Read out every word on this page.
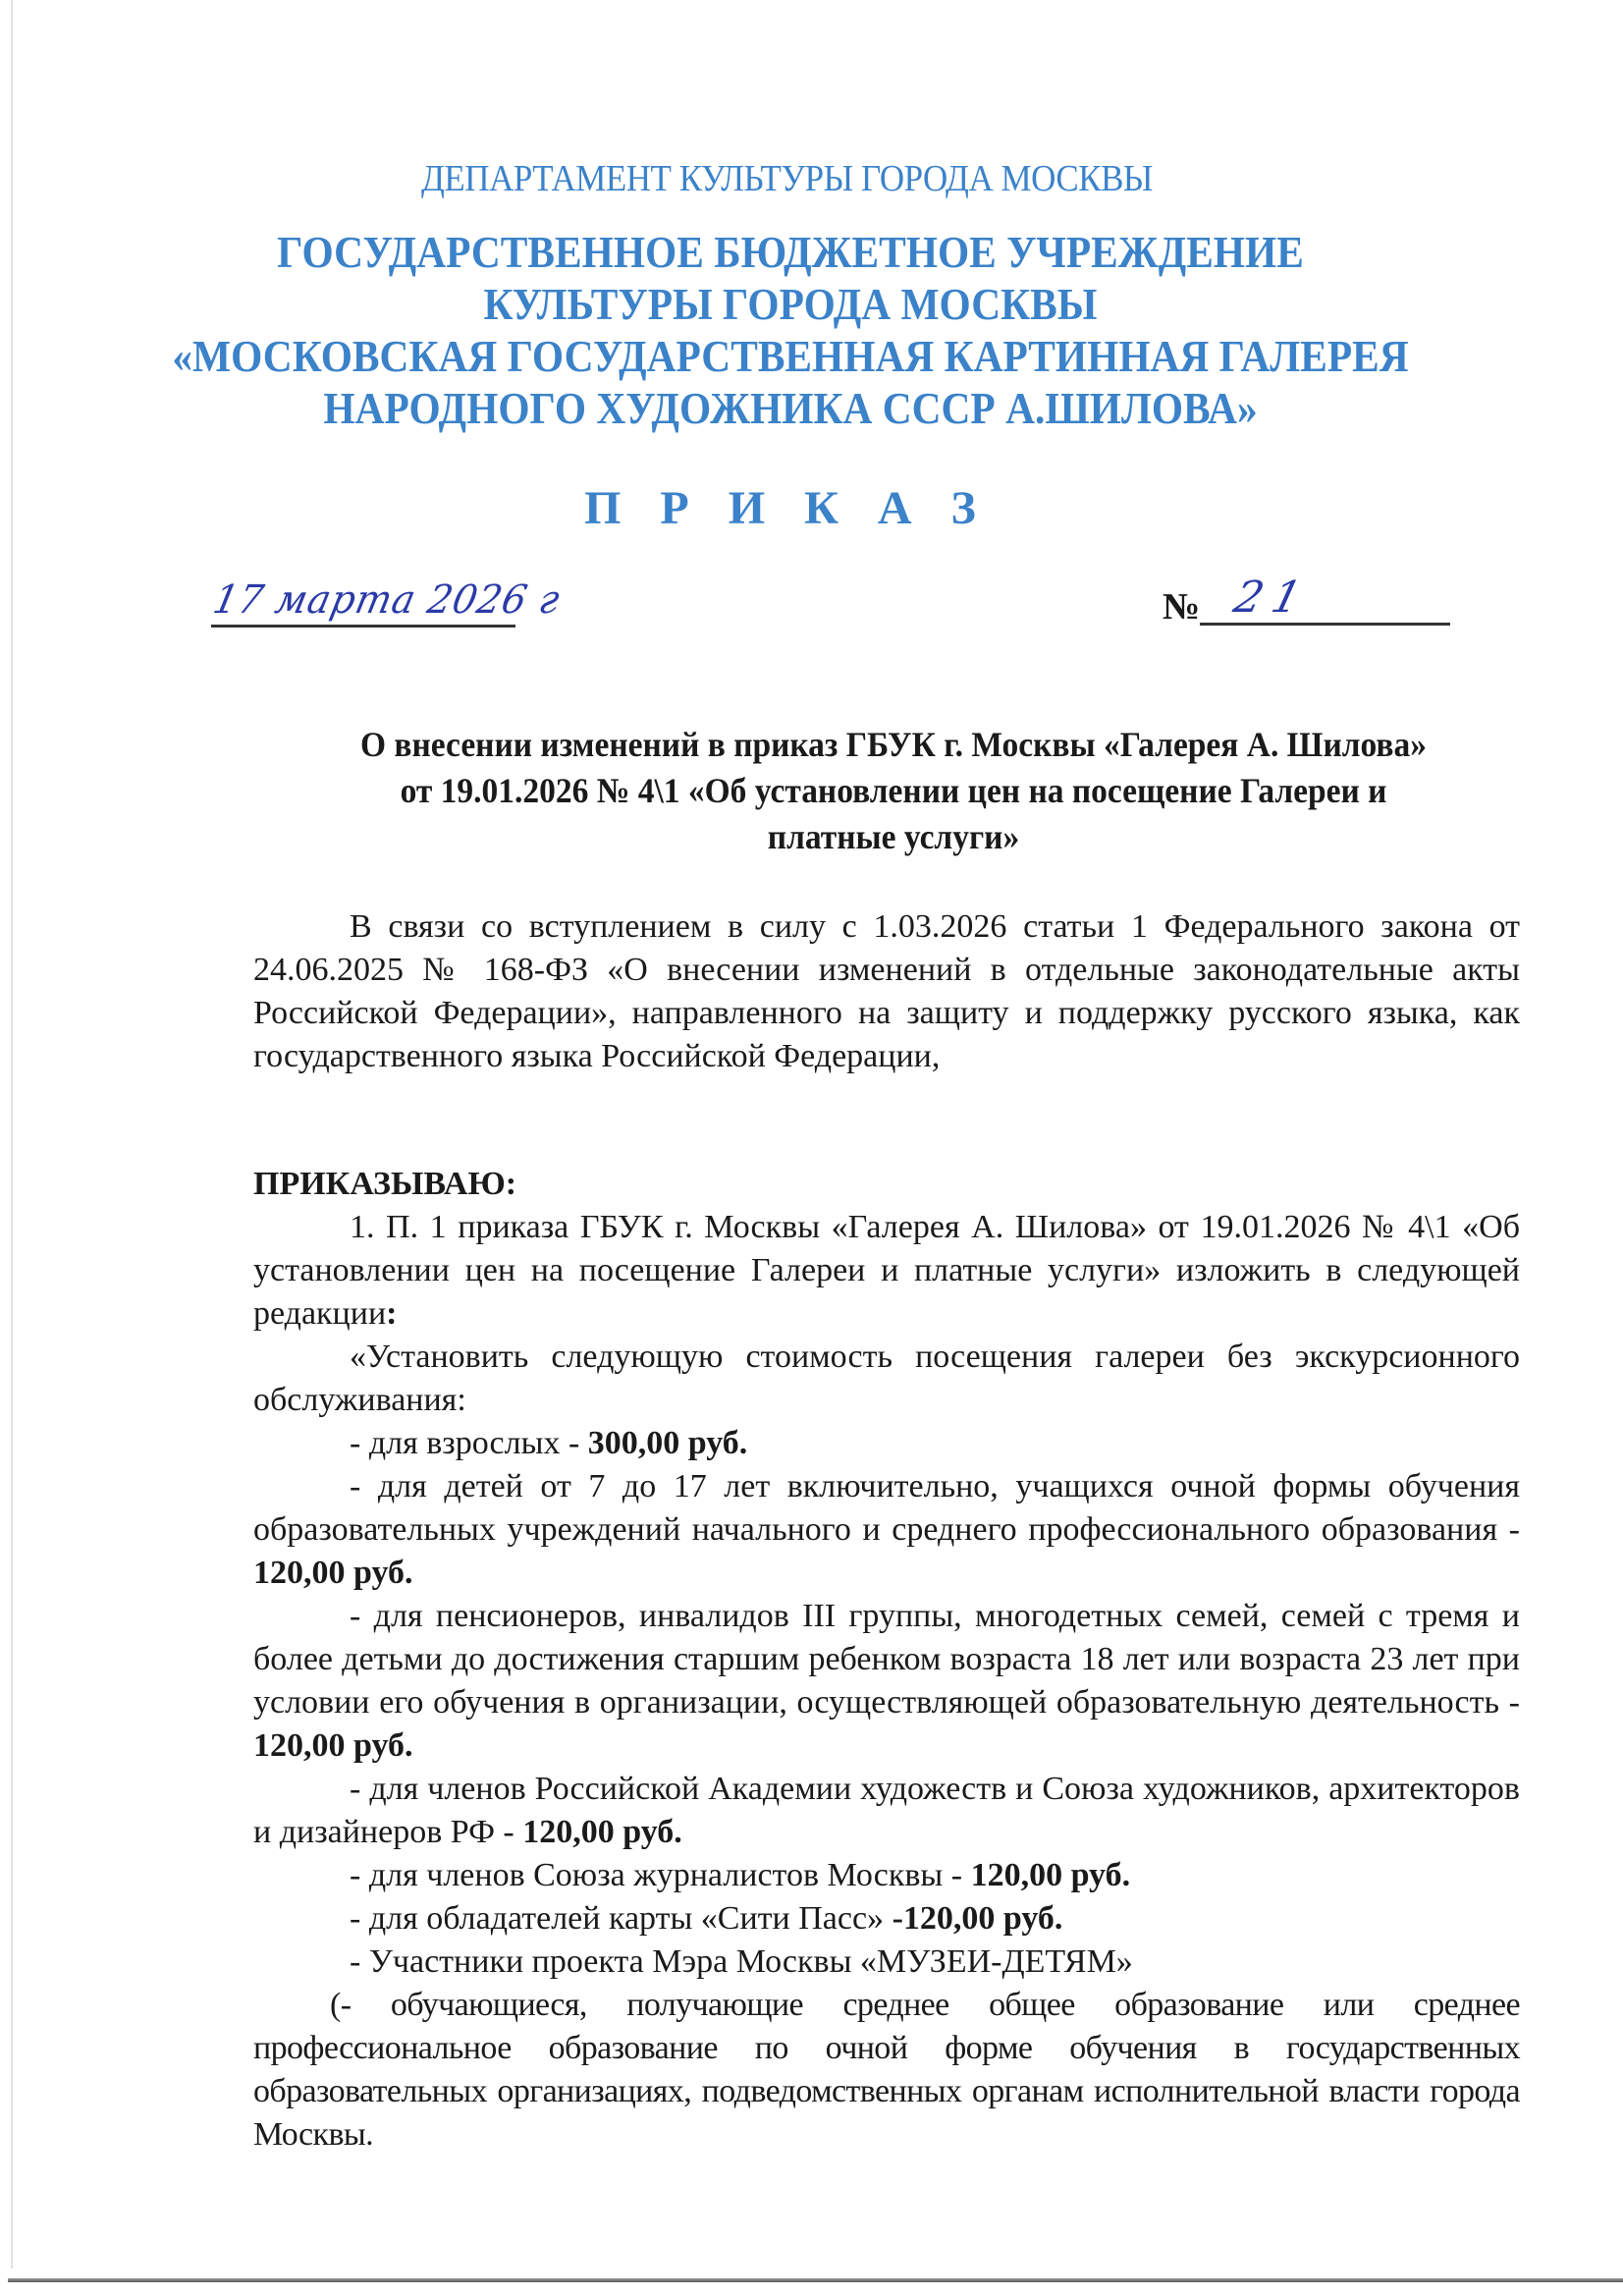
ДЕПАРТАМЕНТ КУЛЬТУРЫ ГОРОДА МОСКВЫ
ГОСУДАРСТВЕННОЕ БЮДЖЕТНОЕ УЧРЕЖДЕНИЕ
КУЛЬТУРЫ ГОРОДА МОСКВЫ
«МОСКОВСКАЯ ГОСУДАРСТВЕННАЯ КАРТИННАЯ ГАЛЕРЕЯ
НАРОДНОГО ХУДОЖНИКА СССР А.ШИЛОВА»
П Р И К А З
17 марта 2026 г	№ 21
О внесении изменений в приказ ГБУК г. Москвы «Галерея А. Шилова»
от 19.01.2026 № 4\1 «Об установлении цен на посещение Галереи и
платные услуги»

В связи со вступлением в силу с 1.03.2026 статьи 1 Федерального закона от 24.06.2025 № 168-ФЗ «О внесении изменений в отдельные законодательные акты Российской Федерации», направленного на защиту и поддержку русского языка, как государственного языка Российской Федерации,

ПРИКАЗЫВАЮ:

1. П. 1 приказа ГБУК г. Москвы «Галерея А. Шилова» от 19.01.2026 № 4\1 «Об установлении цен на посещение Галереи и платные услуги» изложить в следующей редакции:

«Установить следующую стоимость посещения галереи без экскурсионного обслуживания:

- для взрослых - 300,00 руб.

- для детей от 7 до 17 лет включительно, учащихся очной формы обучения образовательных учреждений начального и среднего профессионального образования - 120,00 руб.

- для пенсионеров, инвалидов III группы, многодетных семей, семей с тремя и более детьми до достижения старшим ребенком возраста 18 лет или возраста 23 лет при условии его обучения в организации, осуществляющей образовательную деятельность - 120,00 руб.

- для членов Российской Академии художеств и Союза художников, архитекторов и дизайнеров РФ - 120,00 руб.

- для членов Союза журналистов Москвы - 120,00 руб.

- для обладателей карты «Сити Пасс» -120,00 руб.

- Участники проекта Мэра Москвы «МУЗЕИ-ДЕТЯМ»

(- обучающиеся, получающие среднее общее образование или среднее профессиональное образование по очной форме обучения в государственных образовательных организациях, подведомственных органам исполнительной власти города Москвы.
